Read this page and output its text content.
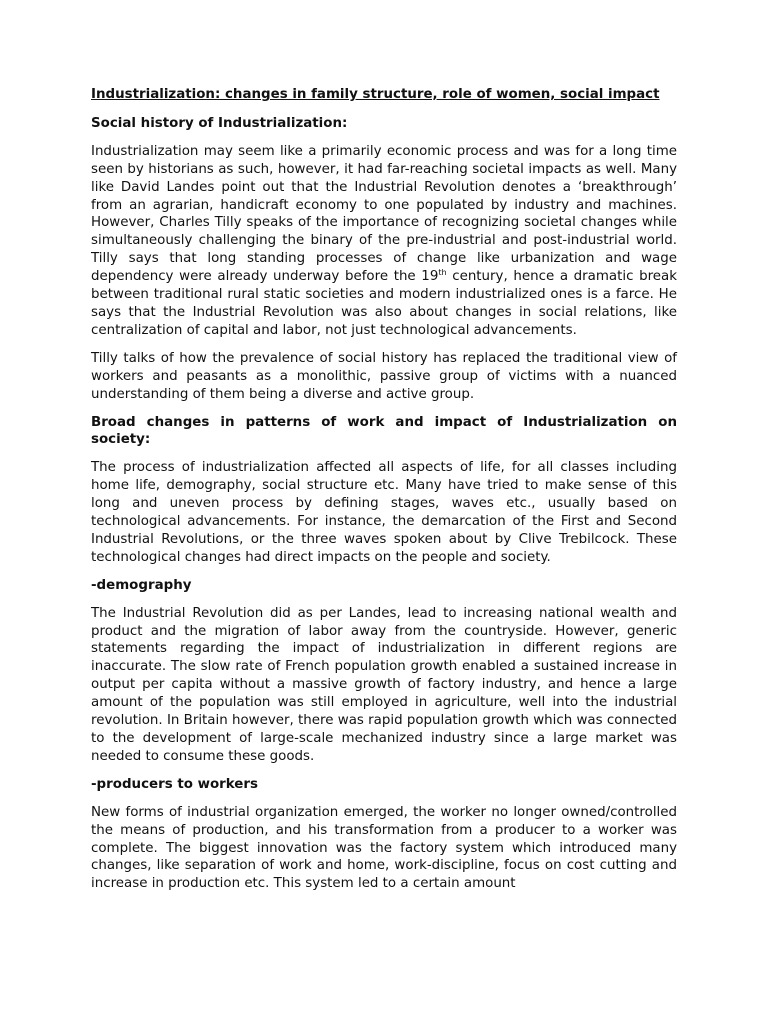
Industrialization: changes in family structure, role of women, social impact
Social history of Industrialization:

Industrialization may seem like a primarily economic process and was for a long time seen by historians as such, however, it had far-reaching societal impacts as well. Many like David Landes point out that the Industrial Revolution denotes a ‘breakthrough’ from an agrarian, handicraft economy to one populated by industry and machines. However, Charles Tilly speaks of the importance of recognizing societal changes while simultaneously challenging the binary of the pre-industrial and post-industrial world. Tilly says that long standing processes of change like urbanization and wage dependency were already underway before the 19th century, hence a dramatic break between traditional rural static societies and modern industrialized ones is a farce. He says that the Industrial Revolution was also about changes in social relations, like centralization of capital and labor, not just technological advancements.

Tilly talks of how the prevalence of social history has replaced the traditional view of workers and peasants as a monolithic, passive group of victims with a nuanced understanding of them being a diverse and active group.

Broad changes in patterns of work and impact of Industrialization on society:

The process of industrialization affected all aspects of life, for all classes including home life, demography, social structure etc. Many have tried to make sense of this long and uneven process by defining stages, waves etc., usually based on technological advancements. For instance, the demarcation of the First and Second Industrial Revolutions, or the three waves spoken about by Clive Trebilcock. These technological changes had direct impacts on the people and society.

-demography

The Industrial Revolution did as per Landes, lead to increasing national wealth and product and the migration of labor away from the countryside. However, generic statements regarding the impact of industrialization in different regions are inaccurate. The slow rate of French population growth enabled a sustained increase in output per capita without a massive growth of factory industry, and hence a large amount of the population was still employed in agriculture, well into the industrial revolution. In Britain however, there was rapid population growth which was connected to the development of large-scale mechanized industry since a large market was needed to consume these goods.

-producers to workers

New forms of industrial organization emerged, the worker no longer owned/controlled the means of production, and his transformation from a producer to a worker was complete. The biggest innovation was the factory system which introduced many changes, like separation of work and home, work-discipline, focus on cost cutting and increase in production etc. This system led to a certain amount
